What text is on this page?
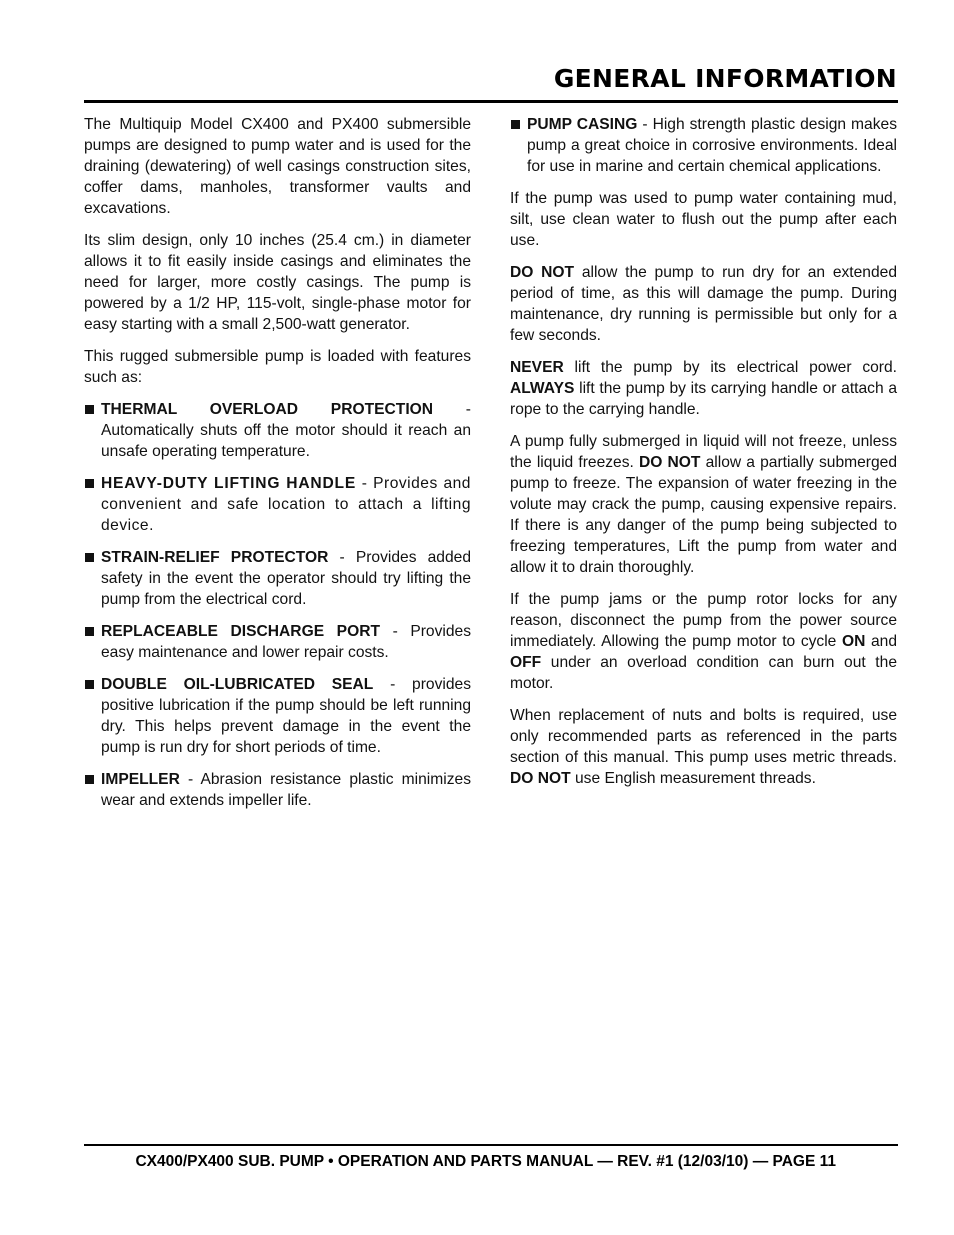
GENERAL INFORMATION

The Multiquip Model CX400 and PX400 submersible pumps are designed to pump water and is used for the draining (dewatering) of well casings construction sites, coffer dams, manholes, transformer vaults and excavations.

Its slim design, only 10 inches (25.4 cm.) in diameter allows it to fit easily inside casings and eliminates the need for larger, more costly casings. The pump is powered by a 1/2 HP, 115-volt, single-phase motor for easy starting with a small 2,500-watt generator.

This rugged submersible pump is loaded with features such as:

THERMAL OVERLOAD PROTECTION - Automatically shuts off the motor should it reach an unsafe operating temperature.
HEAVY-DUTY LIFTING HANDLE - Provides and convenient and safe location to attach a lifting device.
STRAIN-RELIEF PROTECTOR - Provides added safety in the event the operator should try lifting the pump from the electrical cord.
REPLACEABLE DISCHARGE PORT - Provides easy maintenance and lower repair costs.
DOUBLE OIL-LUBRICATED SEAL - provides positive lubrication if the pump should be left running dry. This helps prevent damage in the event the pump is run dry for short periods of time.
IMPELLER - Abrasion resistance plastic minimizes wear and extends impeller life.
PUMP CASING - High strength plastic design makes pump a great choice in corrosive environments. Ideal for use in marine and certain chemical applications.

If the pump was used to pump water containing mud, silt, use clean water to flush out the pump after each use.

DO NOT allow the pump to run dry for an extended period of time, as this will damage the pump. During maintenance, dry running is permissible but only for a few seconds.

NEVER lift the pump by its electrical power cord. ALWAYS lift the pump by its carrying handle or attach a rope to the carrying handle.

A pump fully submerged in liquid will not freeze, unless the liquid freezes. DO NOT allow a partially submerged pump to freeze. The expansion of water freezing in the volute may crack the pump, causing expensive repairs. If there is any danger of the pump being subjected to freezing temperatures, Lift the pump from water and allow it to drain thoroughly.

If the pump jams or the pump rotor locks for any reason, disconnect the pump from the power source immediately. Allowing the pump motor to cycle ON and OFF under an overload condition can burn out the motor.

When replacement of nuts and bolts is required, use only recommended parts as referenced in the parts section of this manual. This pump uses metric threads. DO NOT use English measurement threads.

CX400/PX400 SUB. PUMP • OPERATION AND PARTS MANUAL — REV. #1 (12/03/10) — PAGE 11
